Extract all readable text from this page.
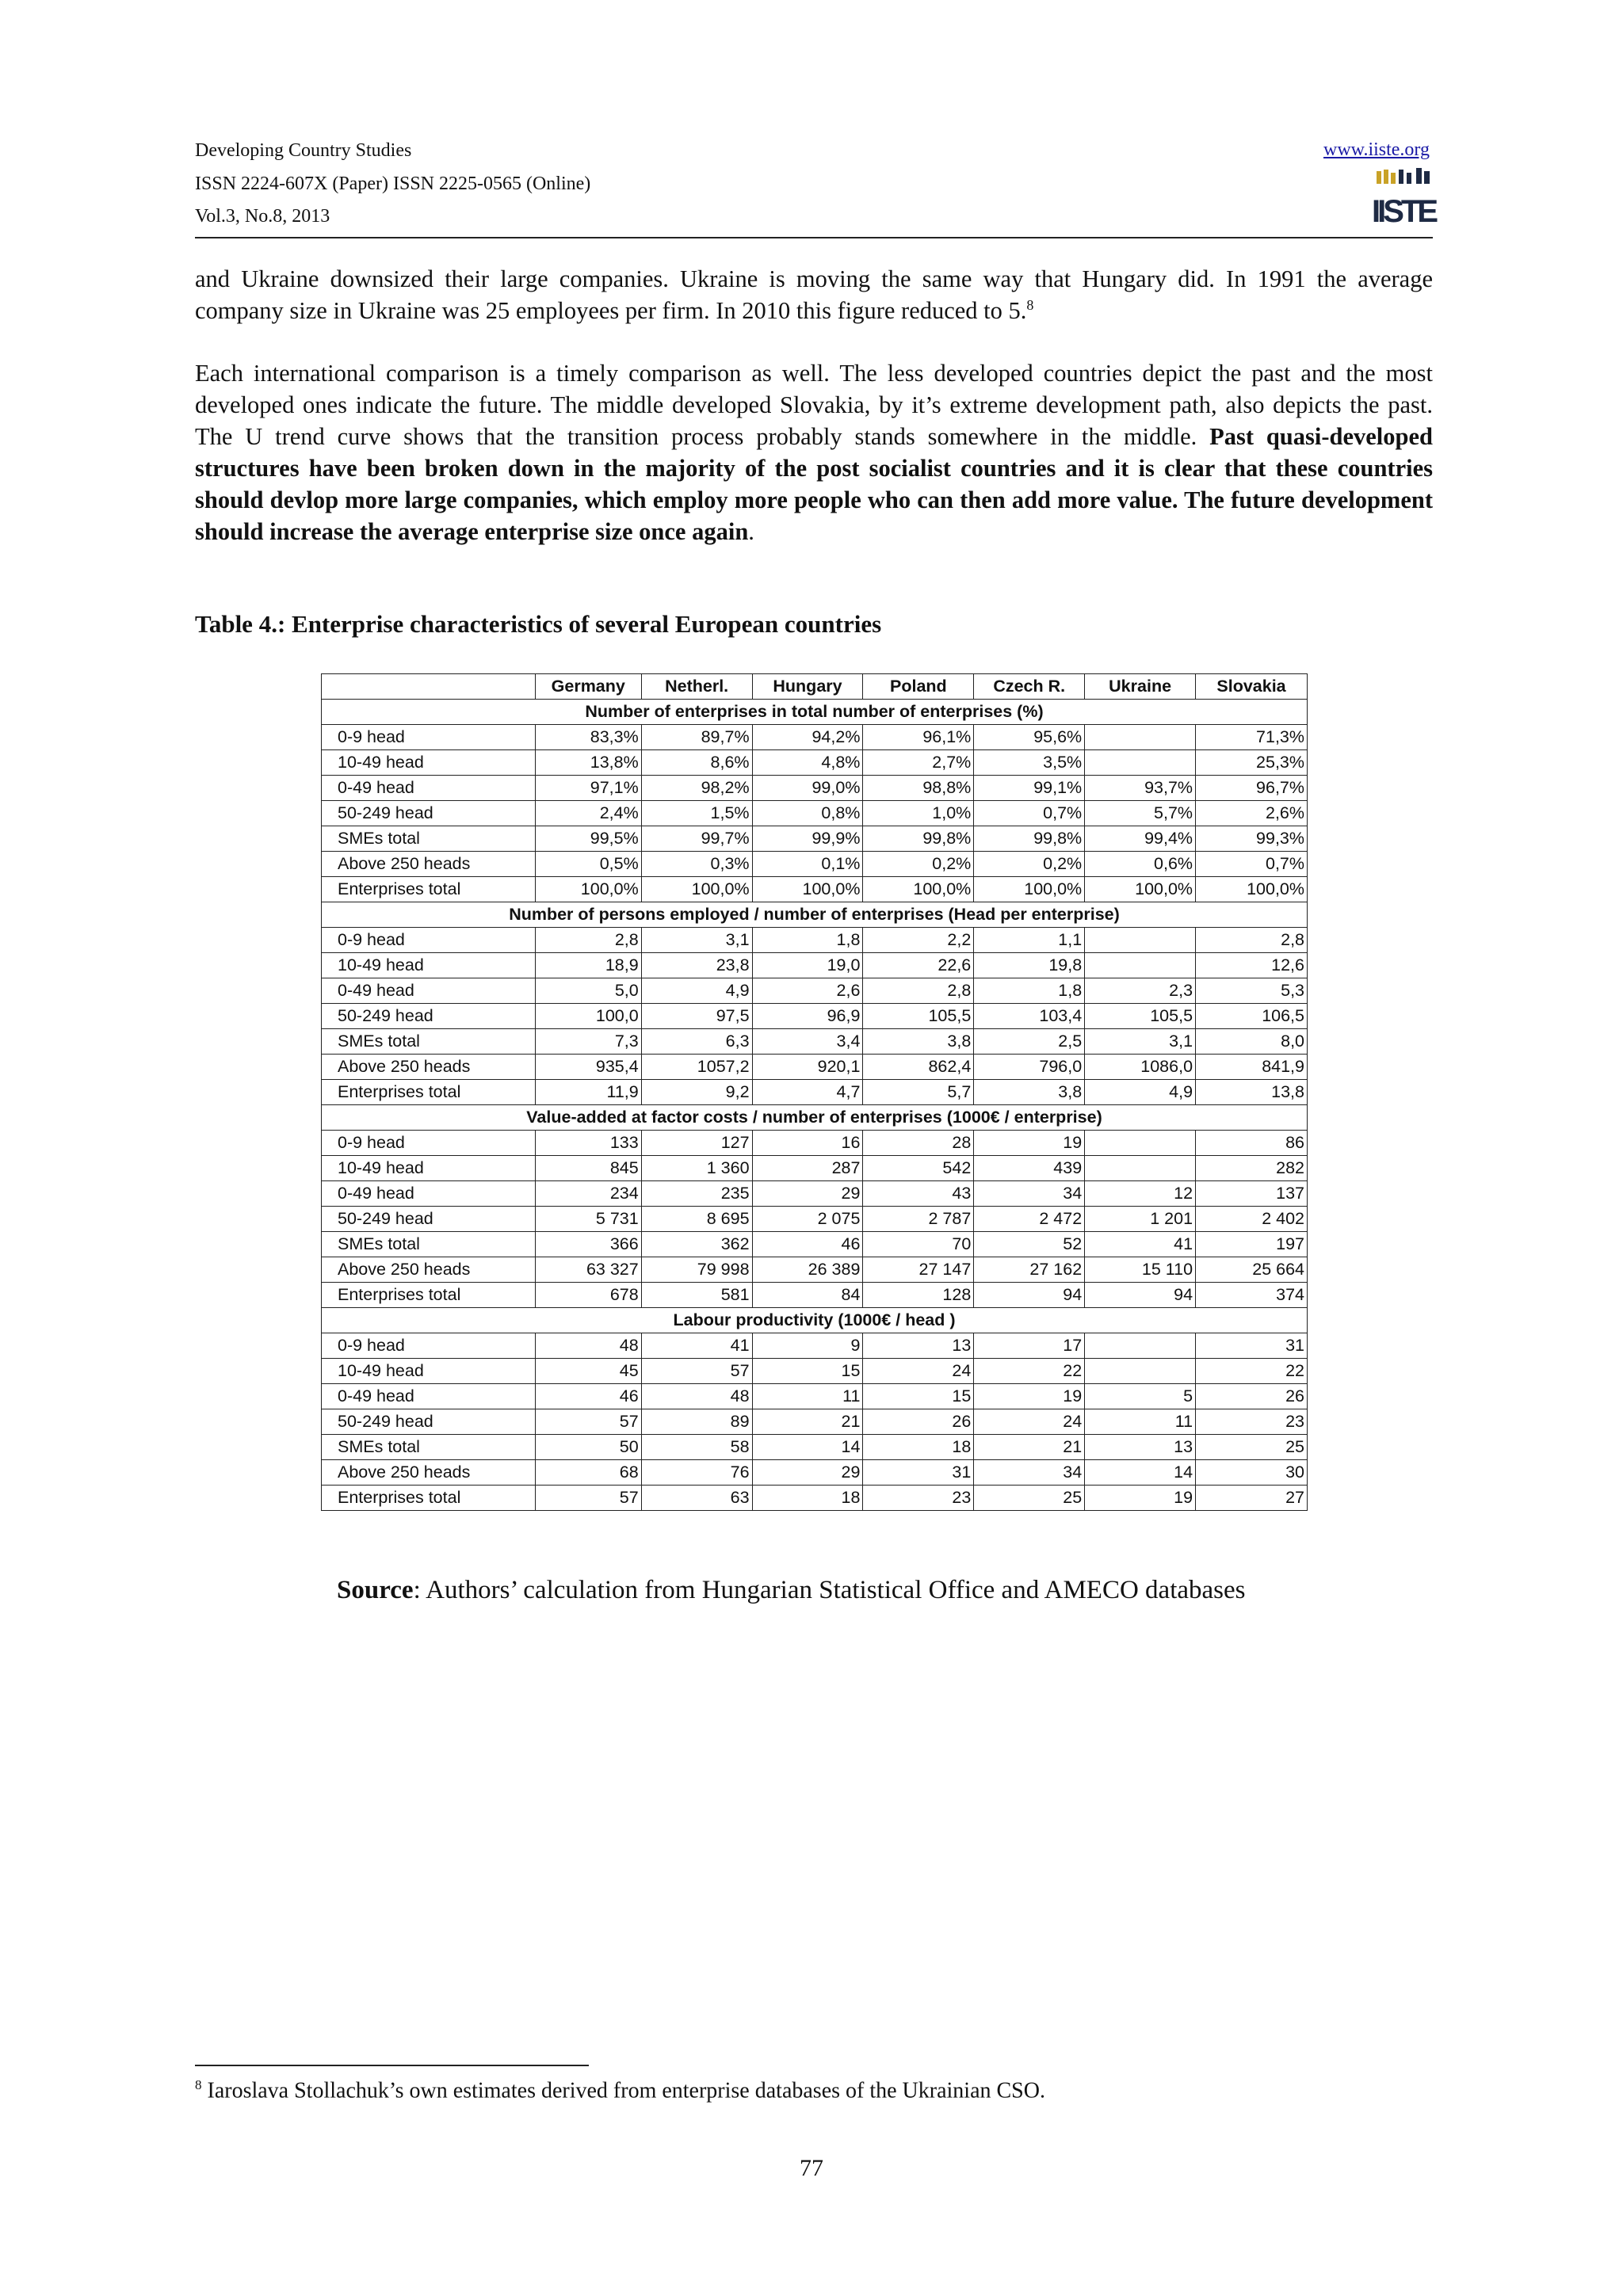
Developing Country Studies
ISSN 2224-607X (Paper) ISSN 2225-0565 (Online)
Vol.3, No.8, 2013
www.iiste.org
IISTE
and Ukraine downsized their large companies. Ukraine is moving the same way that Hungary did. In 1991 the average company size in Ukraine was 25 employees per firm. In 2010 this figure reduced to 5.$^8$
Each international comparison is a timely comparison as well. The less developed countries depict the past and the most developed ones indicate the future. The middle developed Slovakia, by it’s extreme development path, also depicts the past. The U trend curve shows that the transition process probably stands somewhere in the middle. Past quasi-developed structures have been broken down in the majority of the post socialist countries and it is clear that these countries should devlop more large companies, which employ more people who can then add more value. The future development should increase the average enterprise size once again.
Table 4.: Enterprise characteristics of several European countries
	Germany	Netherl.	Hungary	Poland	Czech R.	Ukraine	Slovakia
Number of enterprises in total number of enterprises (%)							
0-9 head	83,3%	89,7%	94,2%	96,1%	95,6%		71,3%
10-49 head	13,8%	8,6%	4,8%	2,7%	3,5%		25,3%
0-49 head	97,1%	98,2%	99,0%	98,8%	99,1%	93,7%	96,7%
50-249 head	2,4%	1,5%	0,8%	1,0%	0,7%	5,7%	2,6%
SMEs total	99,5%	99,7%	99,9%	99,8%	99,8%	99,4%	99,3%
Above 250 heads	0,5%	0,3%	0,1%	0,2%	0,2%	0,6%	0,7%
Enterprises total	100,0%	100,0%	100,0%	100,0%	100,0%	100,0%	100,0%
Number of persons employed / number of enterprises (Head per enterprise)							
0-9 head	2,8	3,1	1,8	2,2	1,1		2,8
10-49 head	18,9	23,8	19,0	22,6	19,8		12,6
0-49 head	5,0	4,9	2,6	2,8	1,8	2,3	5,3
50-249 head	100,0	97,5	96,9	105,5	103,4	105,5	106,5
SMEs total	7,3	6,3	3,4	3,8	2,5	3,1	8,0
Above 250 heads	935,4	1057,2	920,1	862,4	796,0	1086,0	841,9
Enterprises total	11,9	9,2	4,7	5,7	3,8	4,9	13,8
Value-added at factor costs / number of enterprises (1000€ / enterprise)							
0-9 head	133	127	16	28	19		86
10-49 head	845	1 360	287	542	439		282
0-49 head	234	235	29	43	34	12	137
50-249 head	5 731	8 695	2 075	2 787	2 472	1 201	2 402
SMEs total	366	362	46	70	52	41	197
Above 250 heads	63 327	79 998	26 389	27 147	27 162	15 110	25 664
Enterprises total	678	581	84	128	94	94	374
Labour productivity (1000€ / head )							
0-9 head	48	41	9	13	17		31
10-49 head	45	57	15	24	22		22
0-49 head	46	48	11	15	19	5	26
50-249 head	57	89	21	26	24	11	23
SMEs total	50	58	14	18	21	13	25
Above 250 heads	68	76	29	31	34	14	30
Enterprises total	57	63	18	23	25	19	27
Source: Authors’ calculation from Hungarian Statistical Office and AMECO databases
$^8$ Iaroslava Stollachuk’s own estimates derived from enterprise databases of the Ukrainian CSO.
77
